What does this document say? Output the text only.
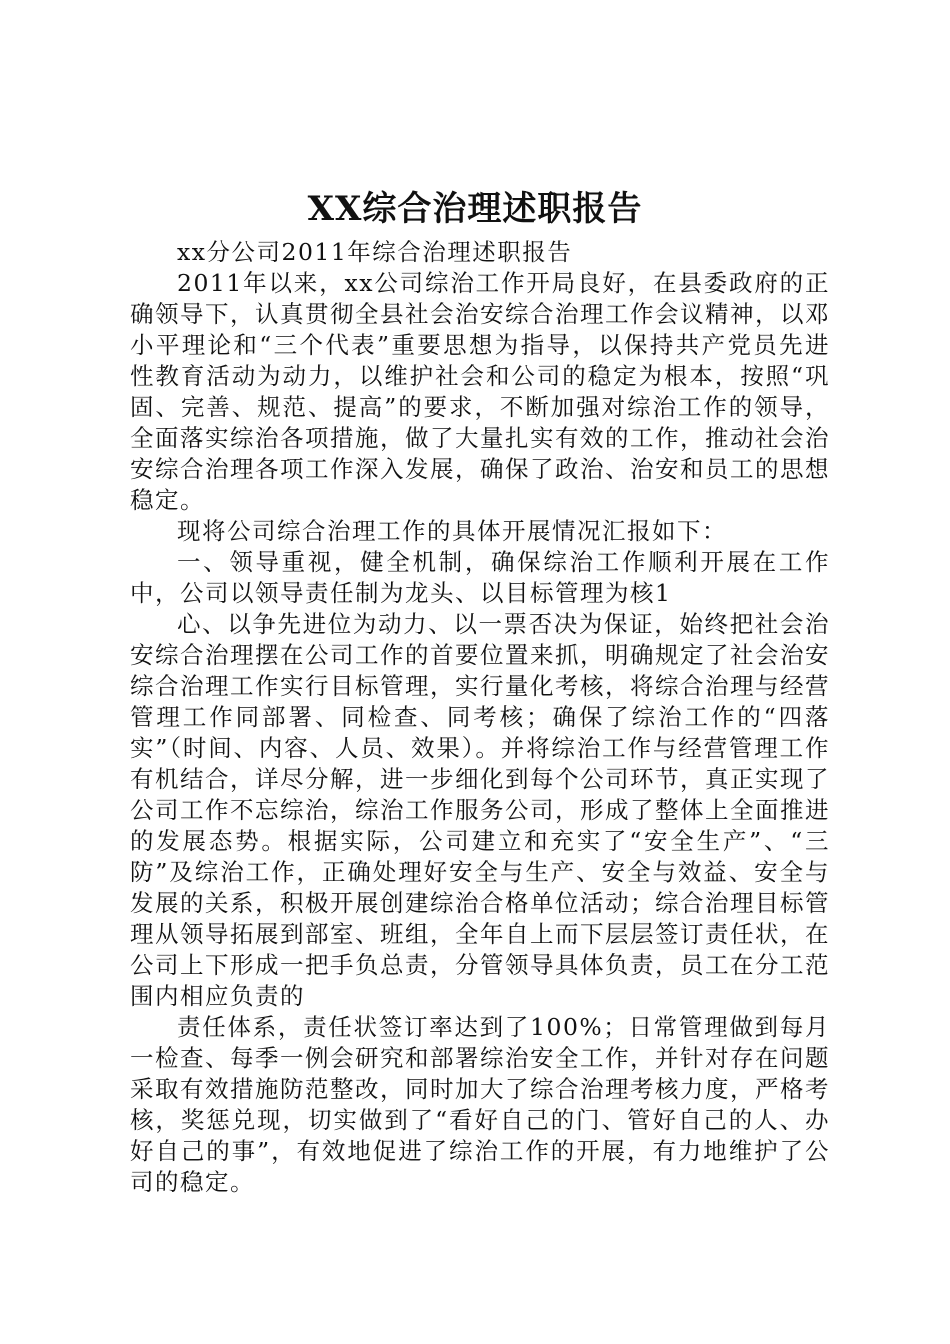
XX综合治理述职报告

xx分公司2011年综合治理述职报告

2011年以来，xx公司综治工作开局良好，在县委政府的正确领导下，认真贯彻全县社会治安综合治理工作会议精神，以邓小平理论和“三个代表”重要思想为指导，以保持共产党员先进性教育活动为动力，以维护社会和公司的稳定为根本，按照“巩固、完善、规范、提高”的要求，不断加强对综治工作的领导，全面落实综治各项措施，做了大量扎实有效的工作，推动社会治安综合治理各项工作深入发展，确保了政治、治安和员工的思想稳定。

现将公司综合治理工作的具体开展情况汇报如下：

一、领导重视，健全机制，确保综治工作顺利开展在工作中，公司以领导责任制为龙头、以目标管理为核1

心、以争先进位为动力、以一票否决为保证，始终把社会治安综合治理摆在公司工作的首要位置来抓，明确规定了社会治安综合治理工作实行目标管理，实行量化考核，将综合治理与经营管理工作同部署、同检查、同考核；确保了综治工作的“四落实”（时间、内容、人员、效果）。并将综治工作与经营管理工作有机结合，详尽分解，进一步细化到每个公司环节，真正实现了公司工作不忘综治，综治工作服务公司，形成了整体上全面推进的发展态势。根据实际，公司建立和充实了“安全生产”、“三防”及综治工作，正确处理好安全与生产、安全与效益、安全与发展的关系，积极开展创建综治合格单位活动；综合治理目标管理从领导拓展到部室、班组，全年自上而下层层签订责任状，在公司上下形成一把手负总责，分管领导具体负责，员工在分工范围内相应负责的

责任体系，责任状签订率达到了100%；日常管理做到每月一检查、每季一例会研究和部署综治安全工作，并针对存在问题采取有效措施防范整改，同时加大了综合治理考核力度，严格考核，奖惩兑现，切实做到了“看好自己的门、管好自己的人、办好自己的事”，有效地促进了综治工作的开展，有力地维护了公司的稳定。
